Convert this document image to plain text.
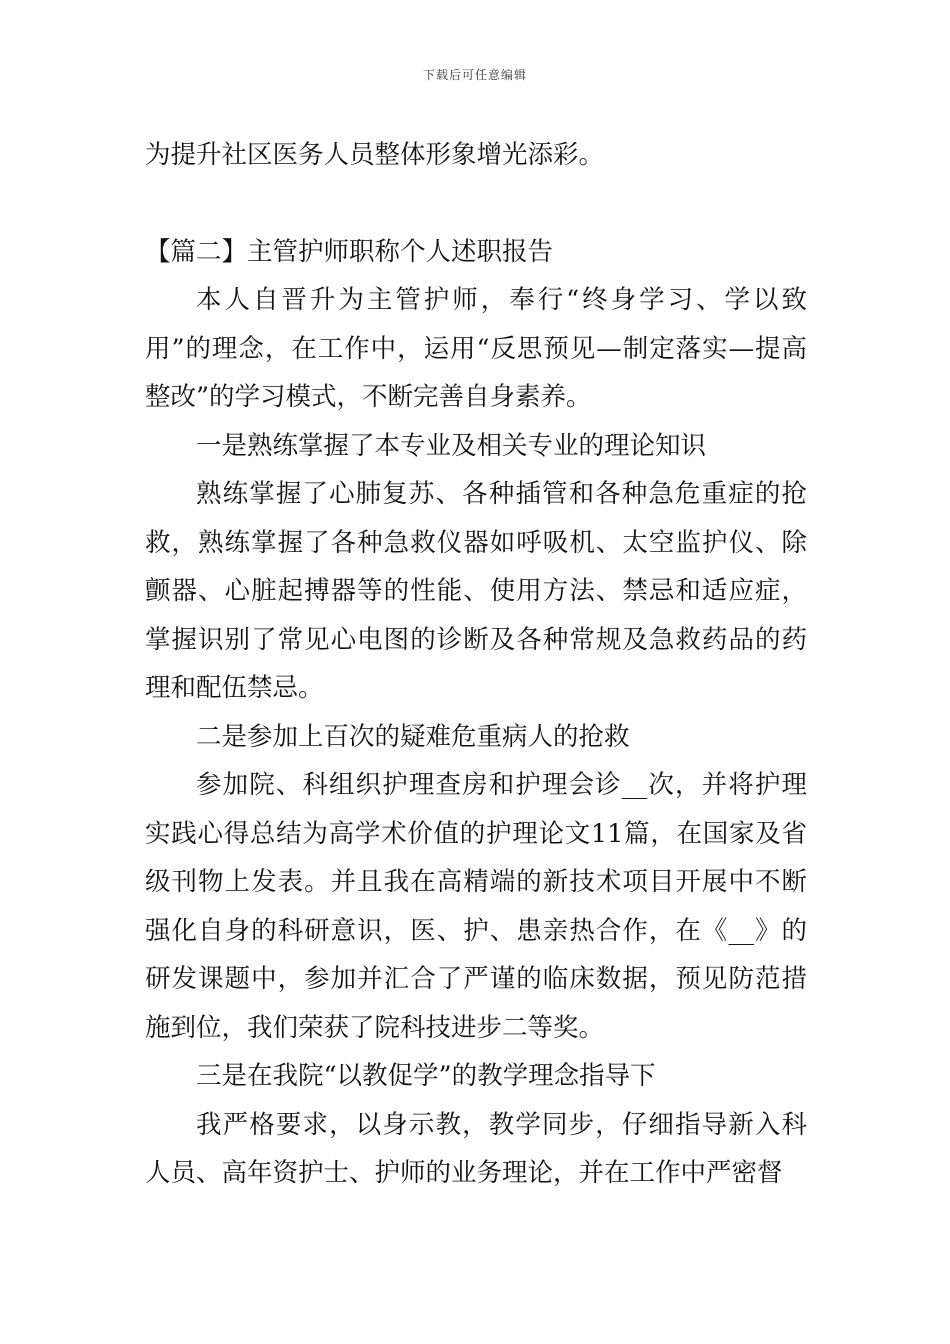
下载后可任意编辑

为提升社区医务人员整体形象增光添彩。

【篇二】主管护师职称个人述职报告

本人自晋升为主管护师，奉行“终身学习、学以致用”的理念，在工作中，运用“反思预见—制定落实—提高整改”的学习模式，不断完善自身素养。

一是熟练掌握了本专业及相关专业的理论知识

熟练掌握了心肺复苏、各种插管和各种急危重症的抢救，熟练掌握了各种急救仪器如呼吸机、太空监护仪、除颤器、心脏起搏器等的性能、使用方法、禁忌和适应症，掌握识别了常见心电图的诊断及各种常规及急救药品的药理和配伍禁忌。

二是参加上百次的疑难危重病人的抢救

参加院、科组织护理查房和护理会诊__次，并将护理实践心得总结为高学术价值的护理论文11篇，在国家及省级刊物上发表。并且我在高精端的新技术项目开展中不断强化自身的科研意识，医、护、患亲热合作，在《__》的研发课题中，参加并汇合了严谨的临床数据，预见防范措施到位，我们荣获了院科技进步二等奖。

三是在我院“以教促学”的教学理念指导下

我严格要求，以身示教，教学同步，仔细指导新入科人员、高年资护士、护师的业务理论，并在工作中严密督
